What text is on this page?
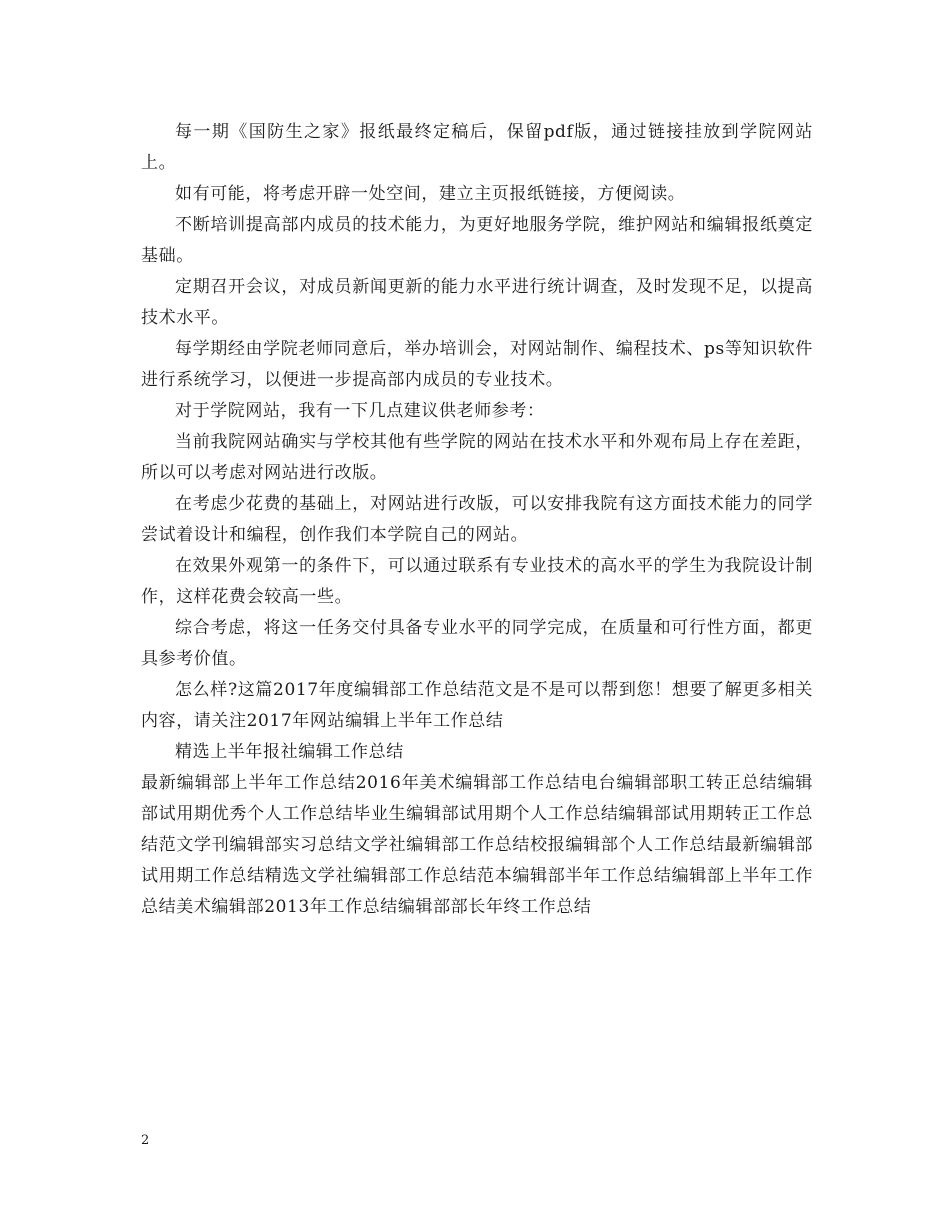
每一期《国防生之家》报纸最终定稿后，保留pdf版，通过链接挂放到学院网站上。

如有可能，将考虑开辟一处空间，建立主页报纸链接，方便阅读。

不断培训提高部内成员的技术能力，为更好地服务学院，维护网站和编辑报纸奠定基础。

定期召开会议，对成员新闻更新的能力水平进行统计调查，及时发现不足，以提高技术水平。

每学期经由学院老师同意后，举办培训会，对网站制作、编程技术、ps等知识软件进行系统学习，以便进一步提高部内成员的专业技术。

对于学院网站，我有一下几点建议供老师参考：

当前我院网站确实与学校其他有些学院的网站在技术水平和外观布局上存在差距，所以可以考虑对网站进行改版。

在考虑少花费的基础上，对网站进行改版，可以安排我院有这方面技术能力的同学尝试着设计和编程，创作我们本学院自己的网站。

在效果外观第一的条件下，可以通过联系有专业技术的高水平的学生为我院设计制作，这样花费会较高一些。

综合考虑，将这一任务交付具备专业水平的同学完成，在质量和可行性方面，都更具参考价值。

怎么样?这篇2017年度编辑部工作总结范文是不是可以帮到您！想要了解更多相关内容，请关注2017年网站编辑上半年工作总结

精选上半年报社编辑工作总结

最新编辑部上半年工作总结2016年美术编辑部工作总结电台编辑部职工转正总结编辑部试用期优秀个人工作总结毕业生编辑部试用期个人工作总结编辑部试用期转正工作总结范文学刊编辑部实习总结文学社编辑部工作总结校报编辑部个人工作总结最新编辑部试用期工作总结精选文学社编辑部工作总结范本编辑部半年工作总结编辑部上半年工作总结美术编辑部2013年工作总结编辑部部长年终工作总结

2
